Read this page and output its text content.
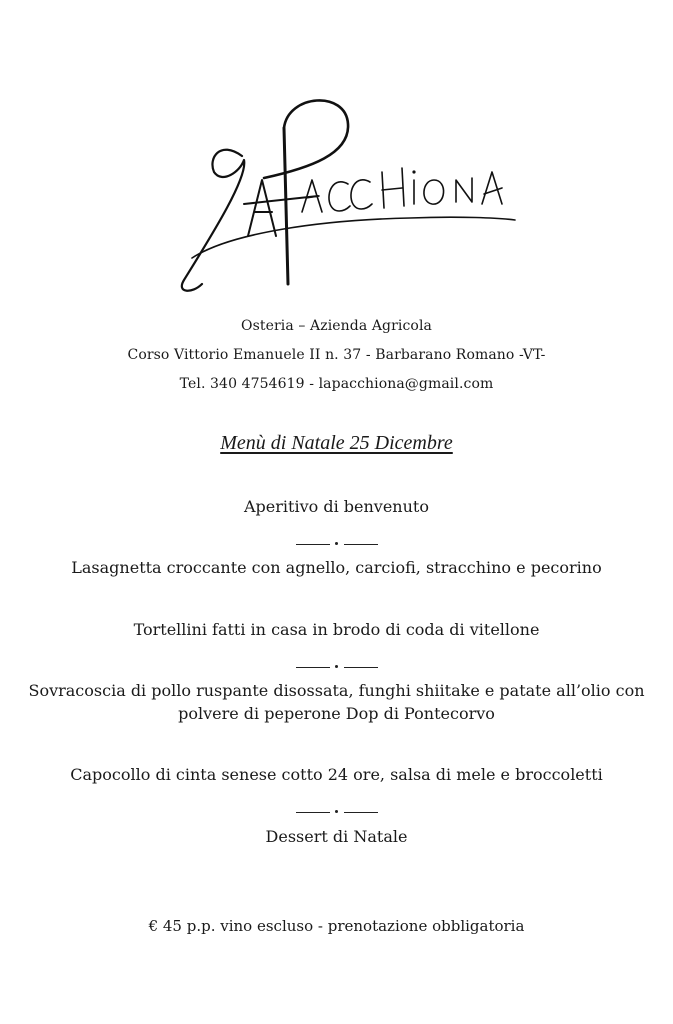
Osteria – Azienda Agricola
Corso Vittorio Emanuele II n. 37 - Barbarano Romano -VT-
Tel. 340 4754619 - lapacchiona@gmail.com
Menù di Natale 25 Dicembre
Aperitivo di benvenuto
Lasagnetta croccante con agnello, carciofi, stracchino e pecorino
Tortellini fatti in casa in brodo di coda di vitellone
Sovracoscia di pollo ruspante disossata, funghi shiitake e patate all’olio con
polvere di peperone Dop di Pontecorvo
Capocollo di cinta senese cotto 24 ore, salsa di mele e broccoletti
Dessert di Natale
€ 45 p.p. vino escluso - prenotazione obbligatoria
